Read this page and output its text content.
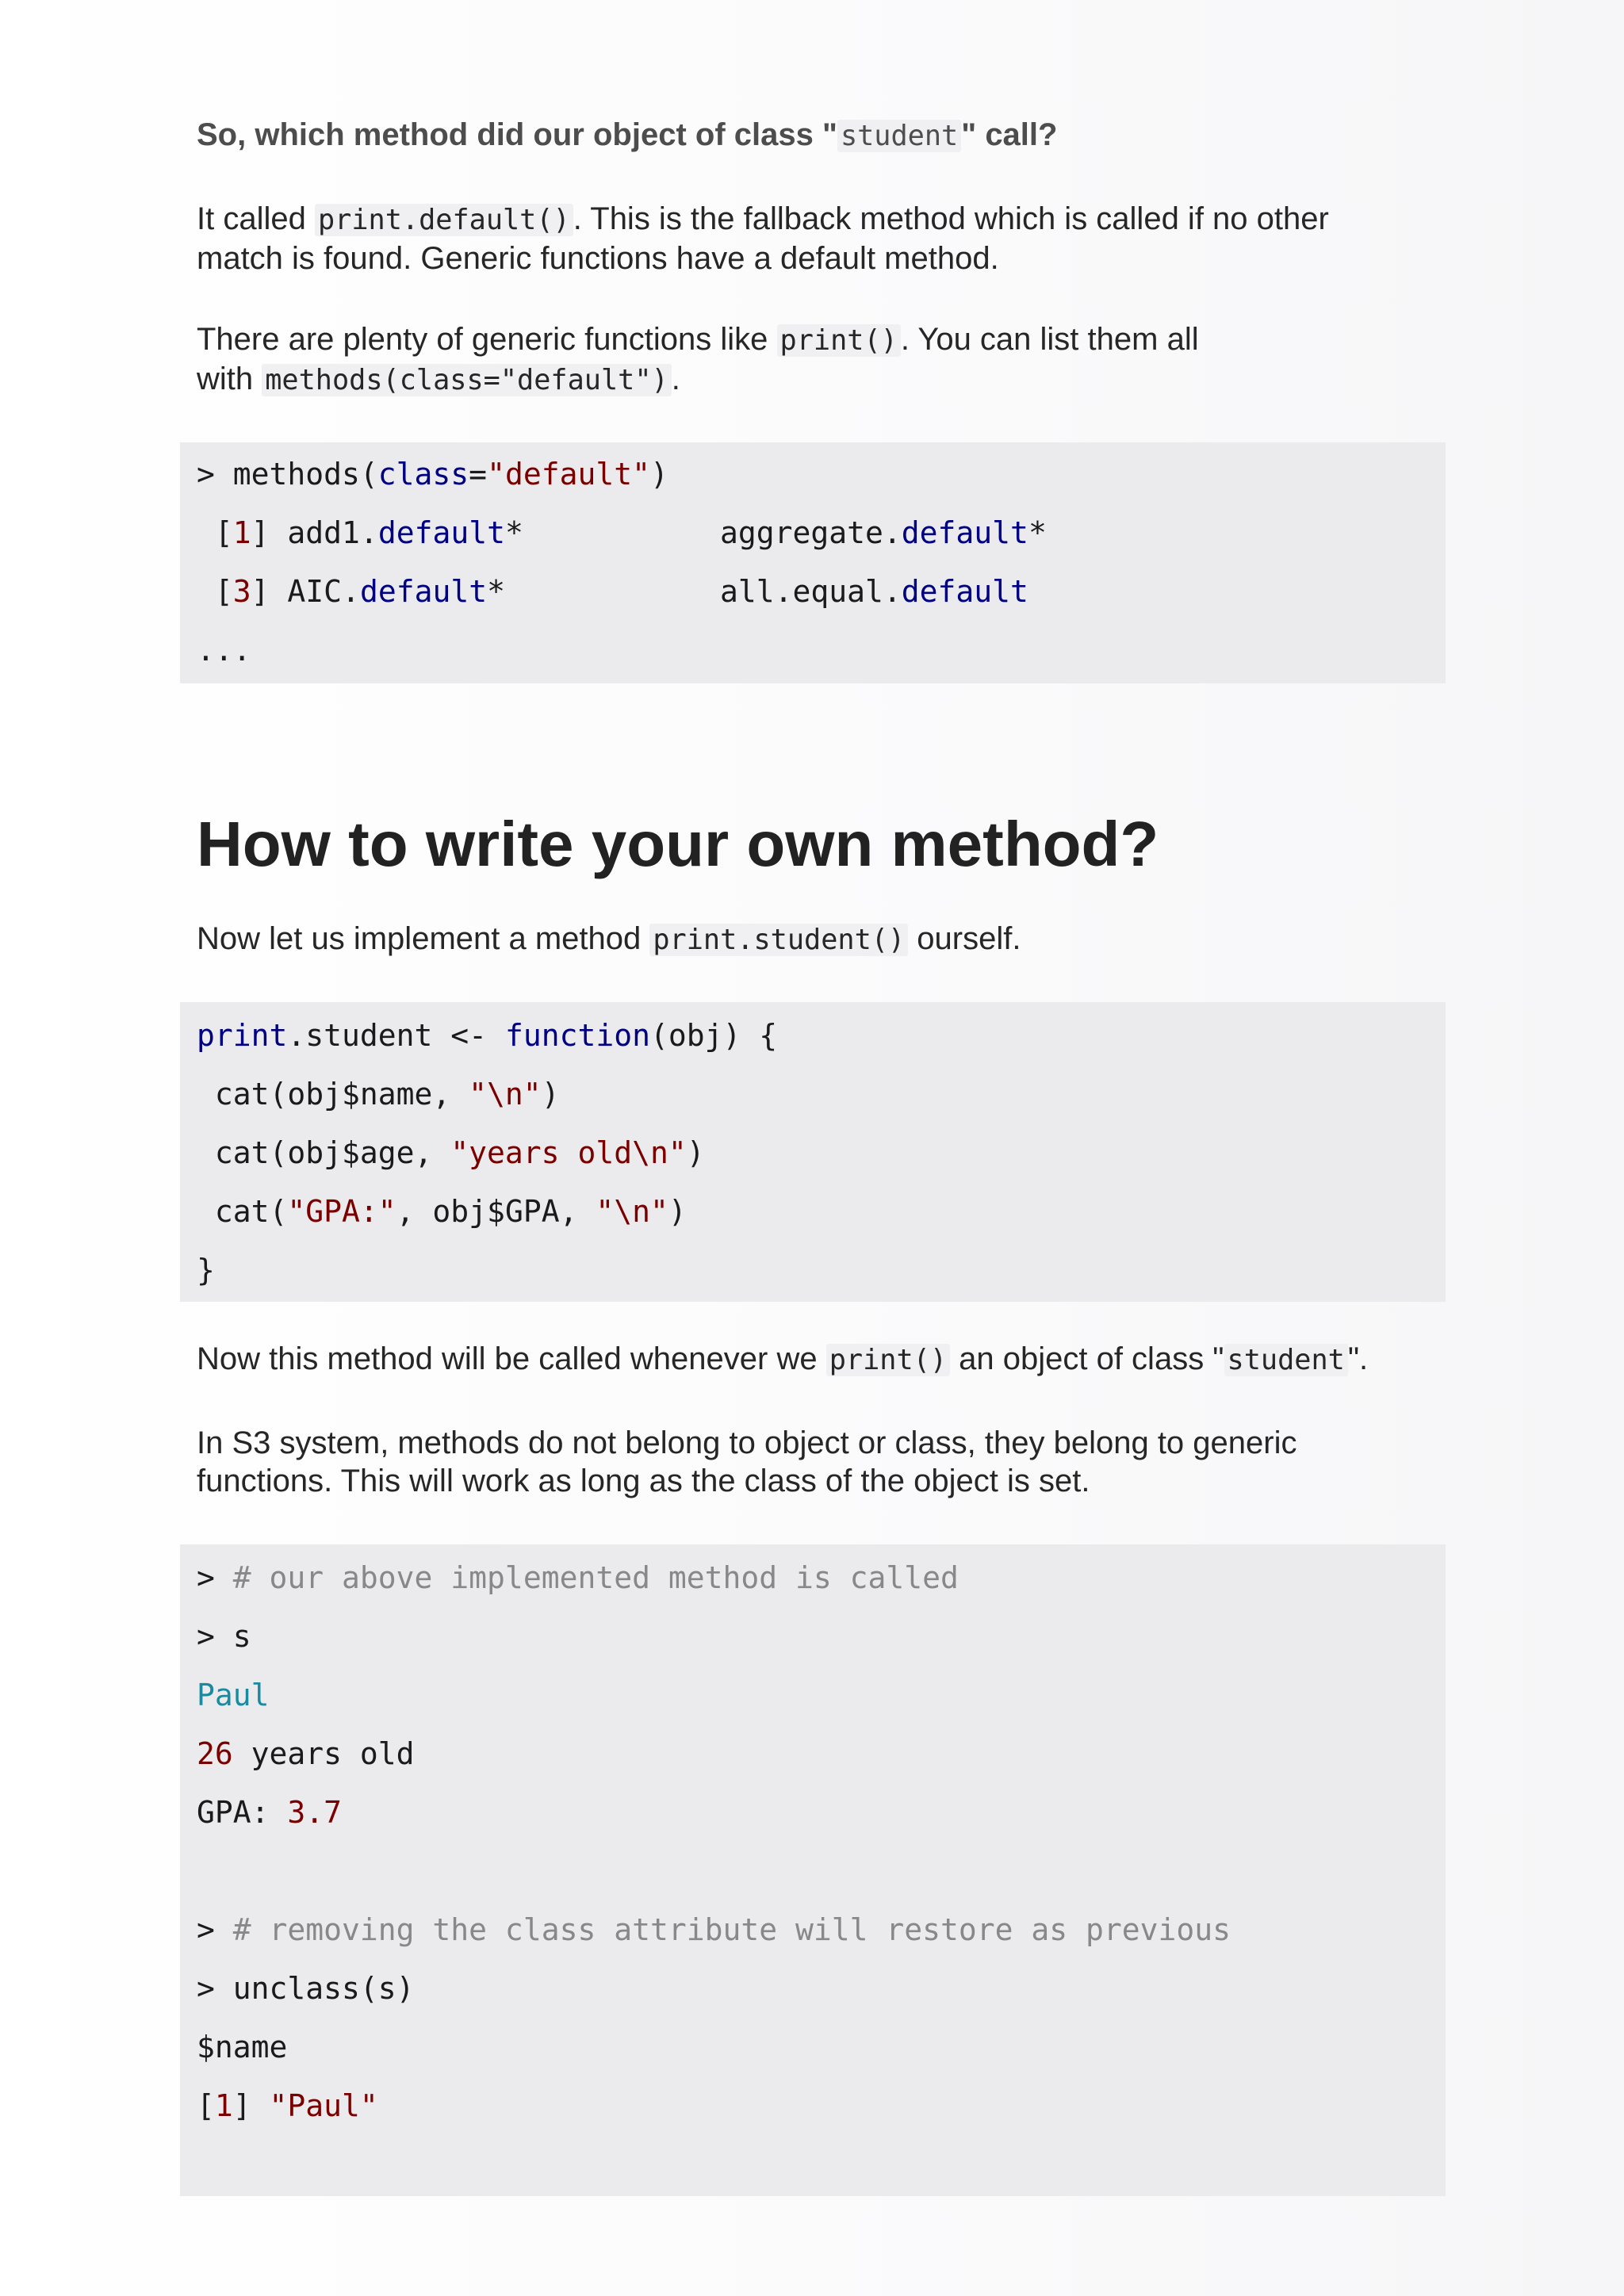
So, which method did our object of class " student " call?
It called print.default() . This is the fallback method which is called if no other
match is found. Generic functions have a default method.
There are plenty of generic functions like print() . You can list them all
with methods(class="default") .
> methods(class="default")
[1] add1.default*	aggregate.default*
[3] AIC.default*	all.equal.default
...
How to write your own method?
Now let us implement a method print.student() ourself.
print.student <- function(obj) {
cat(obj$name, "\n")
cat(obj$age, "years old\n")
cat("GPA:", obj$GPA, "\n")
}
Now this method will be called whenever we print() an object of class " student ".
In S3 system, methods do not belong to object or class, they belong to generic
functions. This will work as long as the class of the object is set.
> # our above implemented method is called
> s
Paul
26 years old
GPA: 3.7
> # removing the class attribute will restore as previous
> unclass(s)
$name
[1] "Paul"
